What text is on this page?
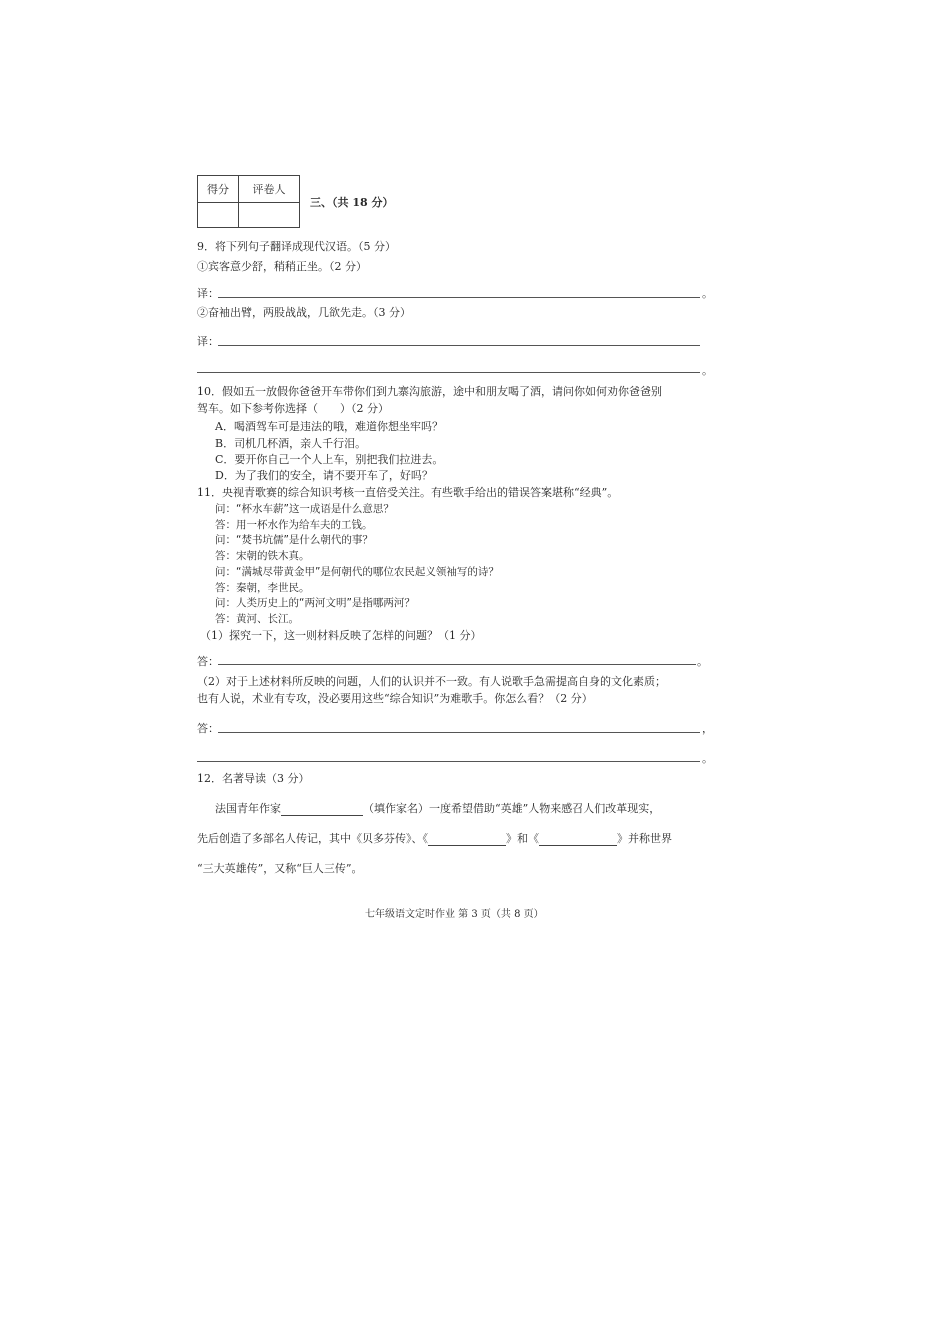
得分	评卷人

三、（共 18 分）
9．将下列句子翻译成现代汉语。（5 分）
①宾客意少舒，稍稍正坐。（2 分）
译：	。
②奋袖出臂，两股战战，几欲先走。（3 分）
译：
。
10．假如五一放假你爸爸开车带你们到九寨沟旅游，途中和朋友喝了酒，请问你如何劝你爸爸别
驾车。如下参考你选择（　　）（2 分）
A．喝酒驾车可是违法的哦，难道你想坐牢吗？
B．司机几杯酒，亲人千行泪。
C．要开你自己一个人上车，别把我们拉进去。
D．为了我们的安全，请不要开车了，好吗？
11．央视青歌赛的综合知识考核一直倍受关注。有些歌手给出的错误答案堪称“经典”。
问：“杯水车薪”这一成语是什么意思？
答：用一杯水作为给车夫的工钱。
问：“焚书坑儒”是什么朝代的事？
答：宋朝的铁木真。
问：“满城尽带黄金甲”是何朝代的哪位农民起义领袖写的诗？
答：秦朝，李世民。
问：人类历史上的“两河文明”是指哪两河？
答：黄河、长江。
（1）探究一下，这一则材料反映了怎样的问题？（1 分）
答：	。
（2）对于上述材料所反映的问题，人们的认识并不一致。有人说歌手急需提高自身的文化素质；
也有人说，术业有专攻，没必要用这些“综合知识”为难歌手。你怎么看？（2 分）
答：	，
。
12．名著导读（3 分）
法国青年作家	（填作家名）一度希望借助“英雄”人物来感召人们改革现实，
先后创造了多部名人传记，其中《贝多芬传》、《	》和《	》并称世界
“三大英雄传”，又称“巨人三传”。
七年级语文定时作业 第 3 页（共 8 页）
